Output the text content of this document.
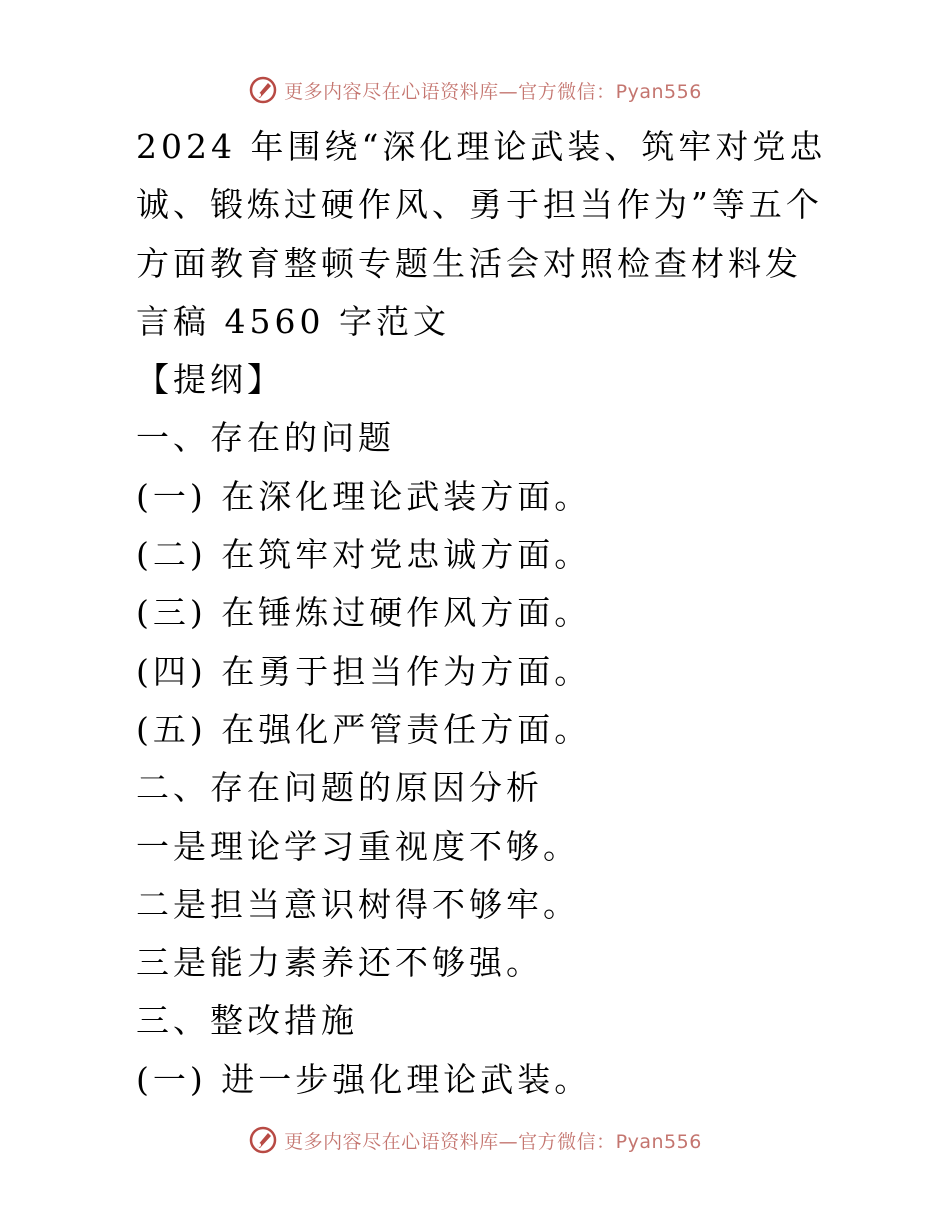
更多内容尽在心语资料库—官方微信：Pyan556
2024 年围绕“深化理论武装、筑牢对党忠
诚、锻炼过硬作风、勇于担当作为”等五个
方面教育整顿专题生活会对照检查材料发
言稿 4560 字范文
【提纲】
一、存在的问题
(一) 在深化理论武装方面。
(二) 在筑牢对党忠诚方面。
(三) 在锤炼过硬作风方面。
(四) 在勇于担当作为方面。
(五) 在强化严管责任方面。
二、存在问题的原因分析
一是理论学习重视度不够。
二是担当意识树得不够牢。
三是能力素养还不够强。
三、整改措施
(一) 进一步强化理论武装。
更多内容尽在心语资料库—官方微信：Pyan556
